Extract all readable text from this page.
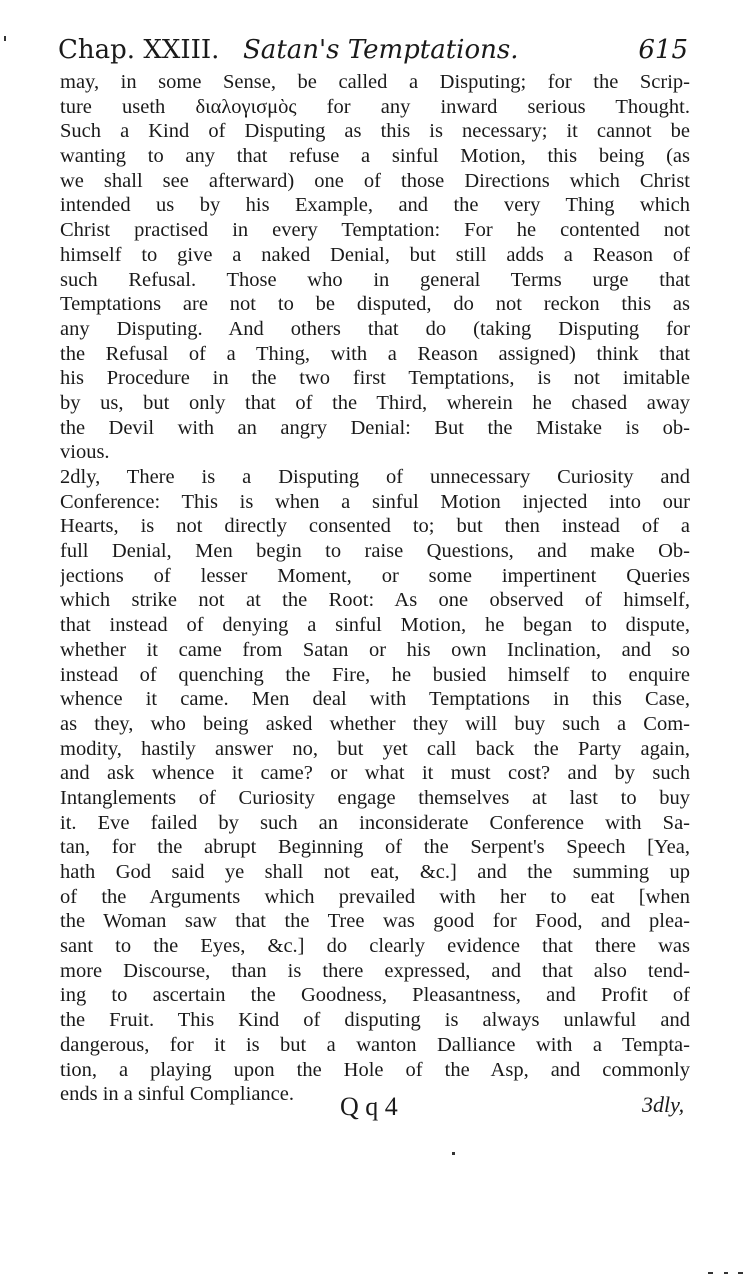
Chap. XXIII. Satan's Temptations.	615
may, in some Sense, be called a Disputing; for the Scrip-
ture useth διαλογισμὸς for any inward serious Thought.
Such a Kind of Disputing as this is necessary; it cannot be
wanting to any that refuse a sinful Motion, this being (as
we shall see afterward) one of those Directions which Christ
intended us by his Example, and the very Thing which
Christ practised in every Temptation: For he contented not
himself to give a naked Denial, but still adds a Reason of
such Refusal. Those who in general Terms urge that
Temptations are not to be disputed, do not reckon this as
any Disputing. And others that do (taking Disputing for
the Refusal of a Thing, with a Reason assigned) think that
his Procedure in the two first Temptations, is not imitable
by us, but only that of the Third, wherein he chased away
the Devil with an angry Denial: But the Mistake is ob-
vious.
2dly, There is a Disputing of unnecessary Curiosity and
Conference: This is when a sinful Motion injected into our
Hearts, is not directly consented to; but then instead of a
full Denial, Men begin to raise Questions, and make Ob-
jections of lesser Moment, or some impertinent Queries
which strike not at the Root: As one observed of himself,
that instead of denying a sinful Motion, he began to dispute,
whether it came from Satan or his own Inclination, and so
instead of quenching the Fire, he busied himself to enquire
whence it came. Men deal with Temptations in this Case,
as they, who being asked whether they will buy such a Com-
modity, hastily answer no, but yet call back the Party again,
and ask whence it came? or what it must cost? and by such
Intanglements of Curiosity engage themselves at last to buy
it. Eve failed by such an inconsiderate Conference with Sa-
tan, for the abrupt Beginning of the Serpent's Speech [Yea,
hath God said ye shall not eat, &c.] and the summing up
of the Arguments which prevailed with her to eat [when
the Woman saw that the Tree was good for Food, and plea-
sant to the Eyes, &c.] do clearly evidence that there was
more Discourse, than is there expressed, and that also tend-
ing to ascertain the Goodness, Pleasantness, and Profit of
the Fruit. This Kind of disputing is always unlawful and
dangerous, for it is but a wanton Dalliance with a Tempta-
tion, a playing upon the Hole of the Asp, and commonly
ends in a sinful Compliance.	Q q 4	3dly,
